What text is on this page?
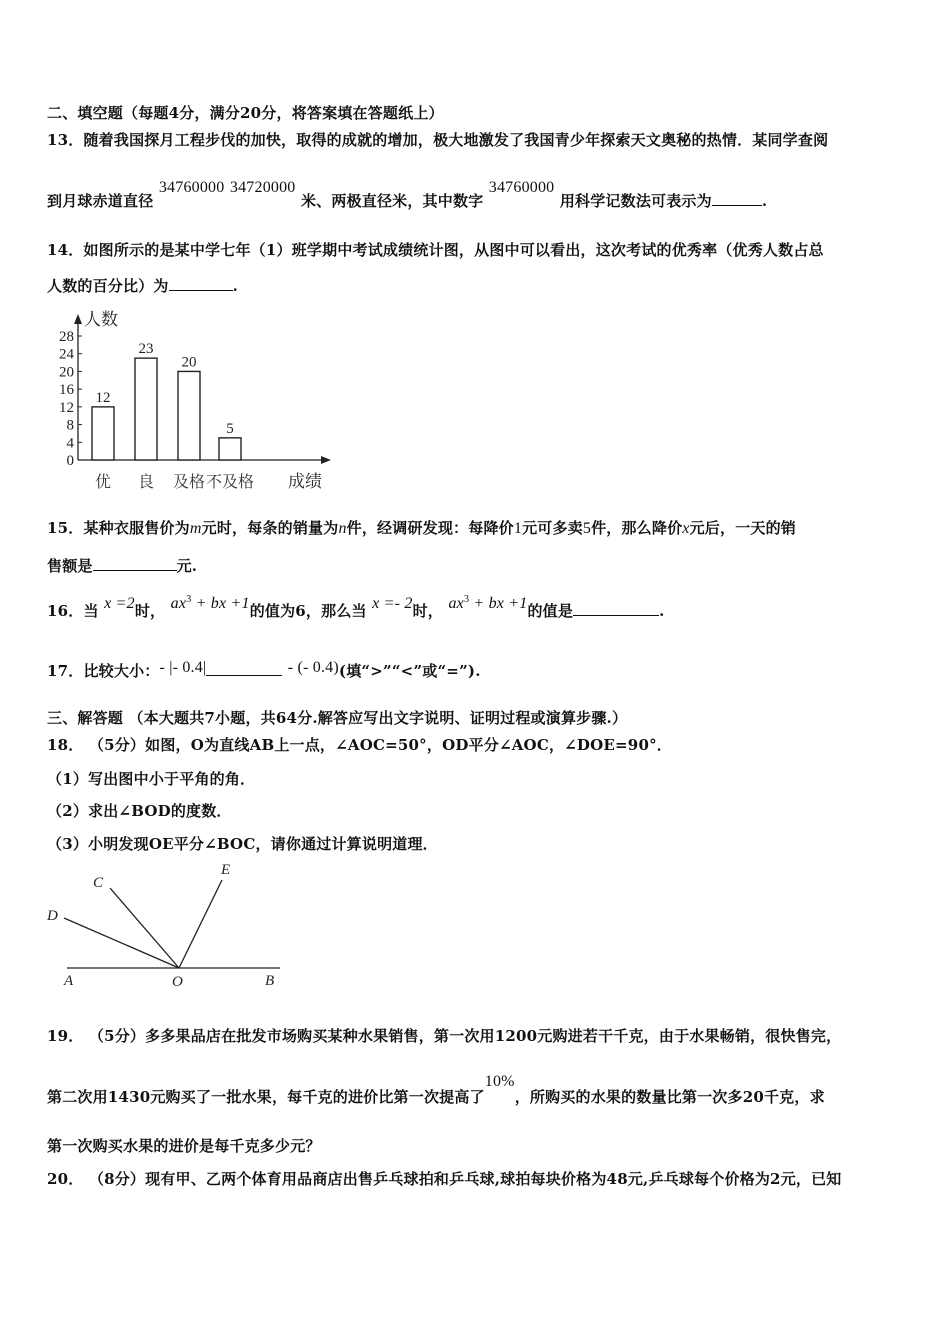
二、填空题（每题4分，满分20分，将答案填在答题纸上）
13．随着我国探月工程步伐的加快，取得的成就的增加，极大地激发了我国青少年探索天文奥秘的热情．某同学查阅
到月球赤道直径 34760000 34720000 米、两极直径米，其中数字 34760000 用科学记数法可表示为	.
14．如图所示的是某中学七年（1）班学期中考试成绩统计图，从图中可以看出，这次考试的优秀率（优秀人数占总
人数的百分比）为	.
0
4
8
12
16
20
24
28
12
优
23
良
20
及格
5
不及格
人数
成绩
15．某种衣服售价为m元时，每条的销量为n件，经调研发现：每降价1元可多卖5件，那么降价x元后，一天的销
售额是	元.
16．当 x =2时， $ax^3$ + bx +1的值为6，那么当 x =- 2时， $ax^3$ + bx +1的值是	.
17．比较大小：- |- 0.4|	- (- 0.4)(填“>”“<”或“=”).
三、解答题 （本大题共7小题，共64分.解答应写出文字说明、证明过程或演算步骤.）
18． （5分）如图，O为直线AB上一点，∠AOC=50°，OD平分∠AOC，∠DOE=90°．
（1）写出图中小于平角的角．
（2）求出∠BOD的度数．
（3）小明发现OE平分∠BOC，请你通过计算说明道理．
C
E
D
A	O	B
19． （5分）多多果品店在批发市场购买某种水果销售，第一次用1200元购进若干千克，由于水果畅销，很快售完，
第二次用1430元购买了一批水果，每千克的进价比第一次提高了10%，所购买的水果的数量比第一次多20千克，求
第一次购买水果的进价是每千克多少元？
20． （8分）现有甲、乙两个体育用品商店出售乒乓球拍和乒乓球,球拍每块价格为48元,乒乓球每个价格为2元，已知
